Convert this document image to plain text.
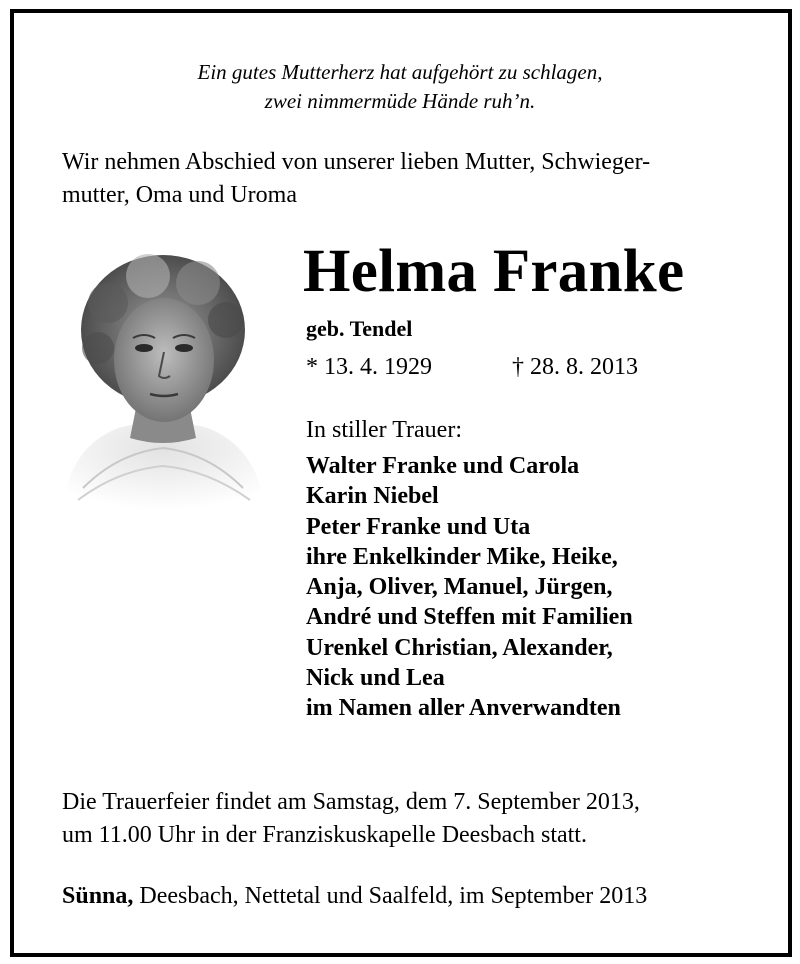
Ein gutes Mutterherz hat aufgehört zu schlagen,
zwei nimmermüde Hände ruh’n.
Wir nehmen Abschied von unserer lieben Mutter, Schwieger-
mutter, Oma und Uroma
Helma Franke
geb. Tendel
* 13. 4. 1929	† 28. 8. 2013
In stiller Trauer:
Walter Franke und Carola
Karin Niebel
Peter Franke und Uta
ihre Enkelkinder Mike, Heike,
Anja, Oliver, Manuel, Jürgen,
André und Steffen mit Familien
Urenkel Christian, Alexander,
Nick und Lea
im Namen aller Anverwandten
Die Trauerfeier findet am Samstag, dem 7. September 2013,
um 11.00 Uhr in der Franziskuskapelle Deesbach statt.
Sünna, Deesbach, Nettetal und Saalfeld, im September 2013
